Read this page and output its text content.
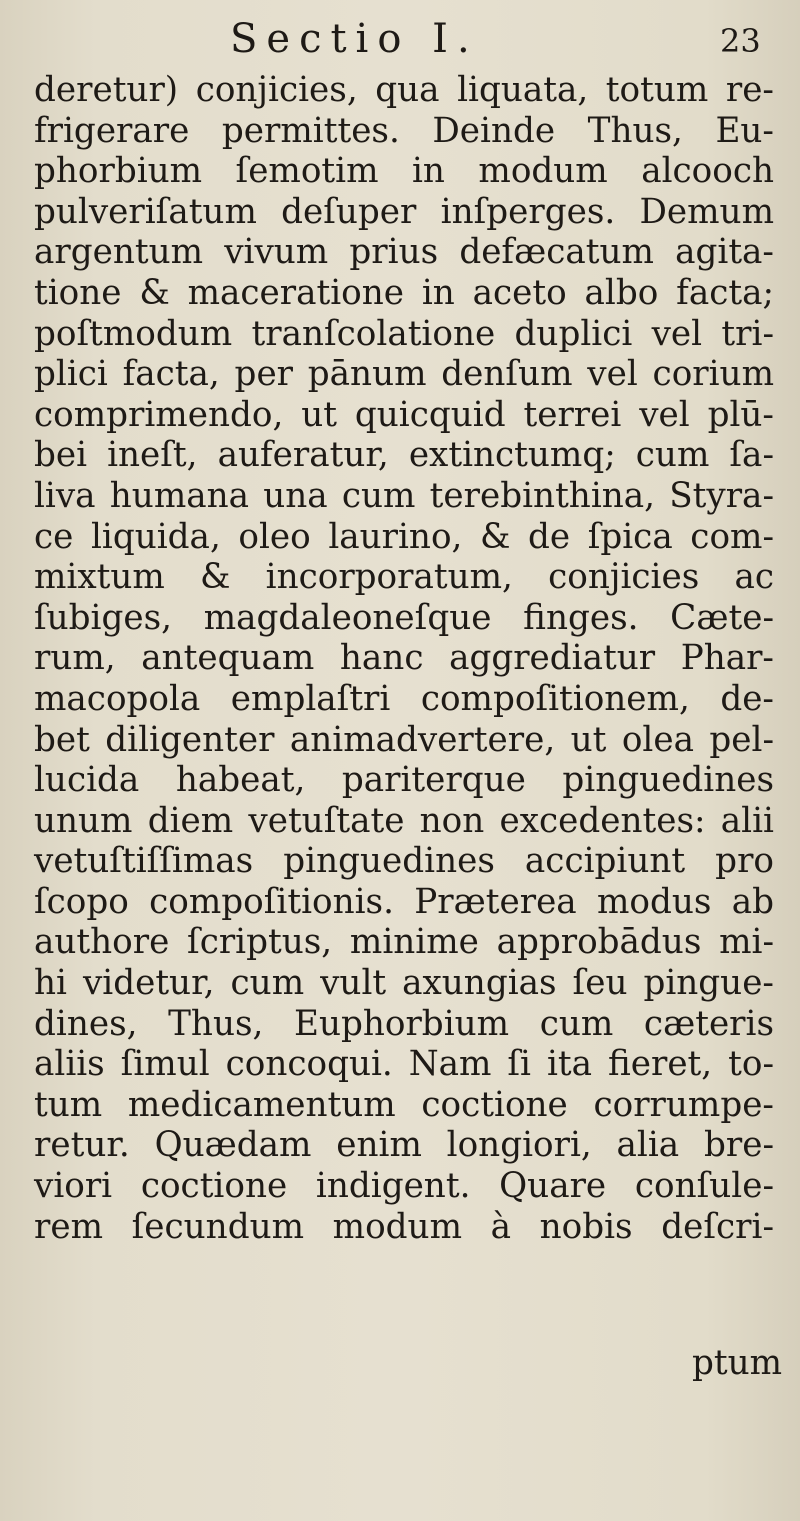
Sectio I.	23
deretur) conjicies, qua liquata, totum re-
frigerare permittes. Deinde Thus, Eu-
phorbium ſemotim in modum alcooch
pulveriſatum deſuper inſperges. Demum
argentum vivum prius defæcatum agita-
tione & maceratione in aceto albo facta;
poſtmodum tranſcolatione duplici vel tri-
plici facta, per pānum denſum vel corium
comprimendo, ut quicquid terrei vel plū-
bei ineſt, auferatur, extinctumq; cum ſa-
liva humana una cum terebinthina, Styra-
ce liquida, oleo laurino, & de ſpica com-
mixtum & incorporatum, conjicies ac
ſubiges, magdaleoneſque finges. Cæte-
rum, antequam hanc aggrediatur Phar-
macopola emplaſtri compoſitionem, de-
bet diligenter animadvertere, ut olea pel-
lucida habeat, pariterque pinguedines
unum diem vetuſtate non excedentes: alii
vetuſtiſſimas pinguedines accipiunt pro
ſcopo compoſitionis. Præterea modus ab
authore ſcriptus, minime approbādus mi-
hi videtur, cum vult axungias ſeu pingue-
dines, Thus, Euphorbium cum cæteris
aliis ſimul concoqui. Nam ſi ita fieret, to-
tum medicamentum coctione corrumpe-
retur. Quædam enim longiori, alia bre-
viori coctione indigent. Quare conſule-
rem ſecundum modum à nobis deſcri-
ptum
